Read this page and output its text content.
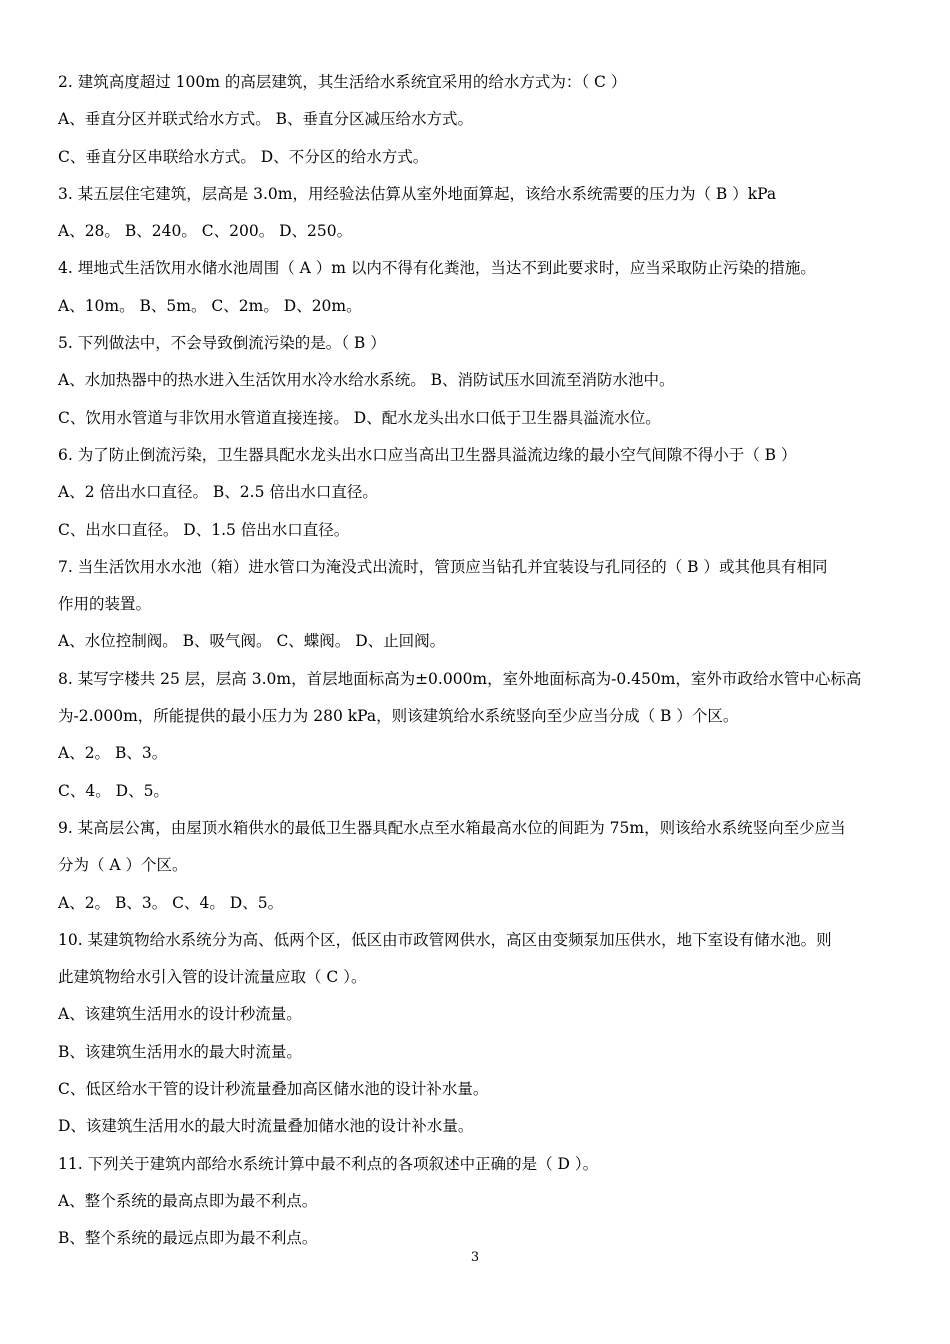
2. 建筑高度超过 100m 的高层建筑，其生活给水系统宜采用的给水方式为：（ C ）
A、垂直分区并联式给水方式。 B、垂直分区减压给水方式。
C、垂直分区串联给水方式。 D、不分区的给水方式。
3. 某五层住宅建筑，层高是 3.0m，用经验法估算从室外地面算起，该给水系统需要的压力为（ B ）kPa
A、28。 B、240。 C、200。 D、250。
4. 埋地式生活饮用水储水池周围（ A ）m 以内不得有化粪池，当达不到此要求时，应当采取防止污染的措施。
A、10m。 B、5m。 C、2m。 D、20m。
5. 下列做法中，不会导致倒流污染的是。（ B ）
A、水加热器中的热水进入生活饮用水冷水给水系统。 B、消防试压水回流至消防水池中。
C、饮用水管道与非饮用水管道直接连接。 D、配水龙头出水口低于卫生器具溢流水位。
6. 为了防止倒流污染，卫生器具配水龙头出水口应当高出卫生器具溢流边缘的最小空气间隙不得小于（ B ）
A、2 倍出水口直径。 B、2.5 倍出水口直径。
C、出水口直径。 D、1.5 倍出水口直径。
7. 当生活饮用水水池（箱）进水管口为淹没式出流时，管顶应当钻孔并宜装设与孔同径的（ B ）或其他具有相同
作用的装置。
A、水位控制阀。 B、吸气阀。 C、蝶阀。 D、止回阀。
8. 某写字楼共 25 层，层高 3.0m，首层地面标高为±0.000m，室外地面标高为-0.450m，室外市政给水管中心标高
为-2.000m，所能提供的最小压力为 280 kPa，则该建筑给水系统竖向至少应当分成（ B ）个区。
A、2。 B、3。
C、4。 D、5。
9. 某高层公寓，由屋顶水箱供水的最低卫生器具配水点至水箱最高水位的间距为 75m，则该给水系统竖向至少应当
分为（ A ）个区。
A、2。 B、3。 C、4。 D、5。
10. 某建筑物给水系统分为高、低两个区，低区由市政管网供水，高区由变频泵加压供水，地下室设有储水池。则
此建筑物给水引入管的设计流量应取（ C ）。
A、该建筑生活用水的设计秒流量。
B、该建筑生活用水的最大时流量。
C、低区给水干管的设计秒流量叠加高区储水池的设计补水量。
D、该建筑生活用水的最大时流量叠加储水池的设计补水量。
11. 下列关于建筑内部给水系统计算中最不利点的各项叙述中正确的是（ D ）。
A、整个系统的最高点即为最不利点。
B、整个系统的最远点即为最不利点。
3
